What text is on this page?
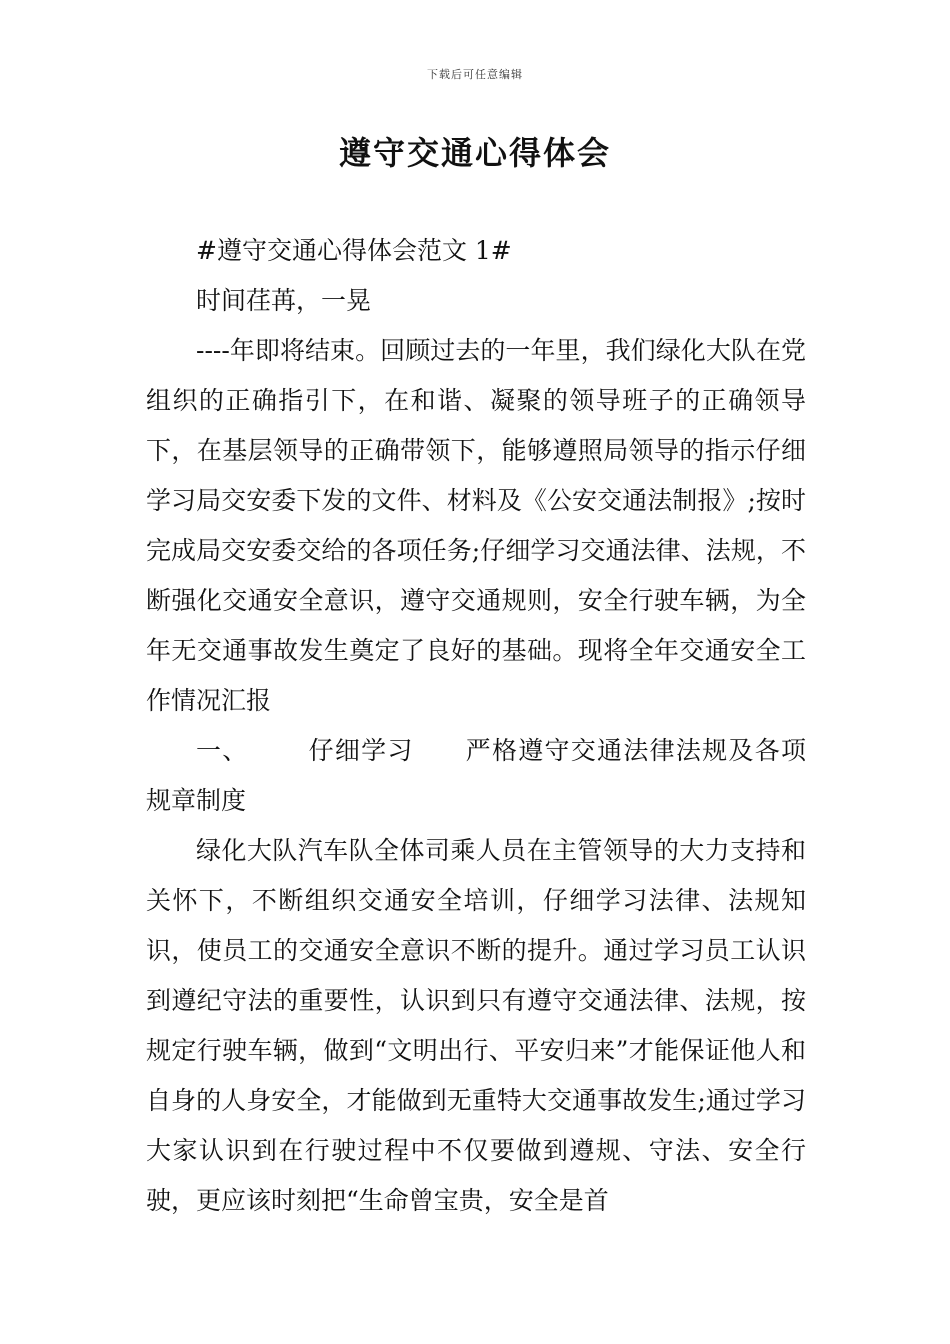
下载后可任意编辑
遵守交通心得体会

#遵守交通心得体会范文 1#

时间荏苒，一晃

----年即将结束。回顾过去的一年里，我们绿化大队在党组织的正确指引下，在和谐、凝聚的领导班子的正确领导下，在基层领导的正确带领下，能够遵照局领导的指示仔细学习局交安委下发的文件、材料及《公安交通法制报》;按时完成局交安委交给的各项任务;仔细学习交通法律、法规，不断强化交通安全意识，遵守交通规则，安全行驶车辆，为全年无交通事故发生奠定了良好的基础。现将全年交通安全工作情况汇报

一、 仔细学习 严格遵守交通法律法规及各项规章制度

绿化大队汽车队全体司乘人员在主管领导的大力支持和关怀下，不断组织交通安全培训，仔细学习法律、法规知识，使员工的交通安全意识不断的提升。通过学习员工认识到遵纪守法的重要性，认识到只有遵守交通法律、法规，按规定行驶车辆，做到“文明出行、平安归来”才能保证他人和自身的人身安全，才能做到无重特大交通事故发生;通过学习大家认识到在行驶过程中不仅要做到遵规、守法、安全行驶，更应该时刻把“生命曾宝贵，安全是首
